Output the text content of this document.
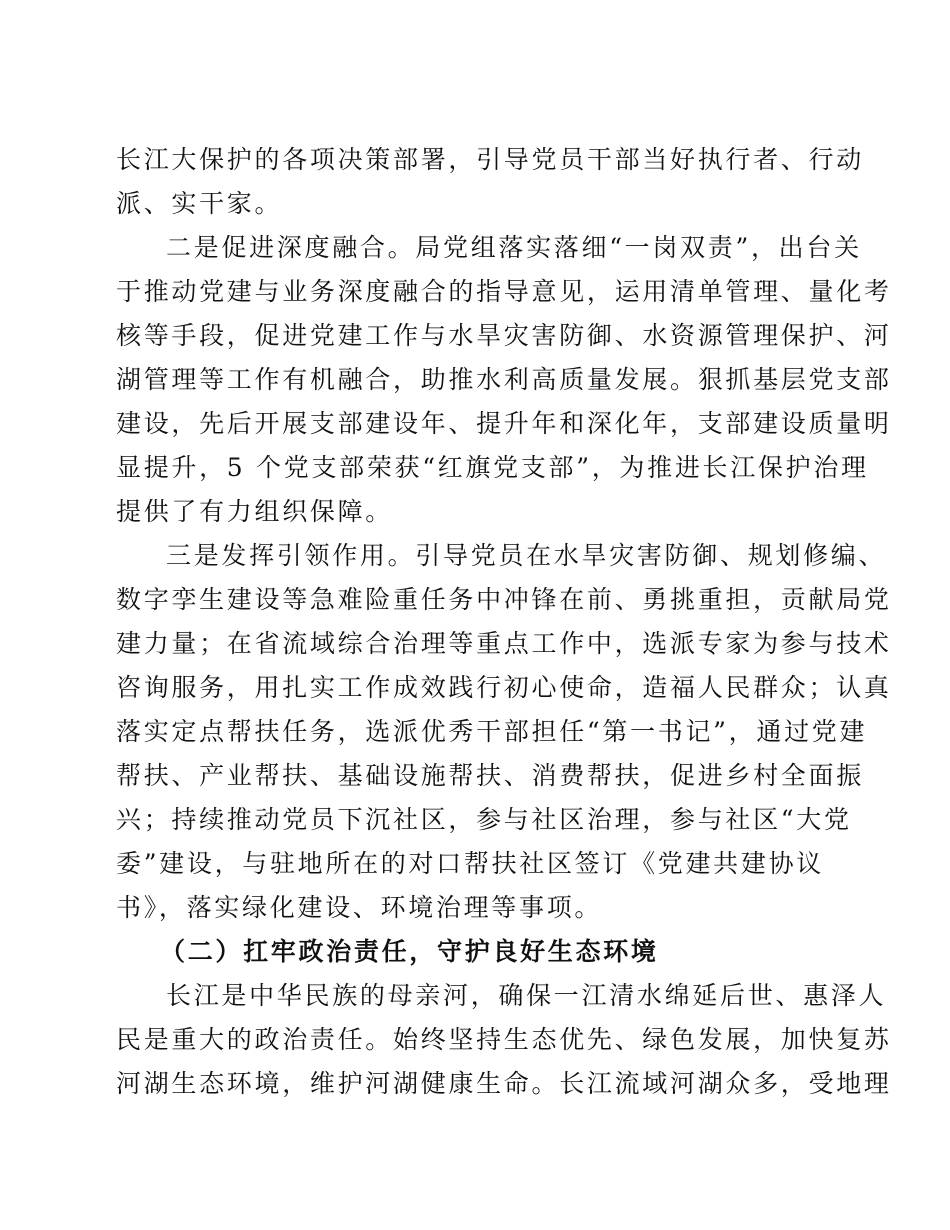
长江大保护的各项决策部署，引导党员干部当好执行者、行动
派、实干家。
二是促进深度融合。局党组落实落细“一岗双责”，出台关
于推动党建与业务深度融合的指导意见，运用清单管理、量化考
核等手段，促进党建工作与水旱灾害防御、水资源管理保护、河
湖管理等工作有机融合，助推水利高质量发展。狠抓基层党支部
建设，先后开展支部建设年、提升年和深化年，支部建设质量明
显提升，5 个党支部荣获“红旗党支部”，为推进长江保护治理
提供了有力组织保障。
三是发挥引领作用。引导党员在水旱灾害防御、规划修编、
数字孪生建设等急难险重任务中冲锋在前、勇挑重担，贡献局党
建力量；在省流域综合治理等重点工作中，选派专家为参与技术
咨询服务，用扎实工作成效践行初心使命，造福人民群众；认真
落实定点帮扶任务，选派优秀干部担任“第一书记”，通过党建
帮扶、产业帮扶、基础设施帮扶、消费帮扶，促进乡村全面振
兴；持续推动党员下沉社区，参与社区治理，参与社区“大党
委”建设，与驻地所在的对口帮扶社区签订《党建共建协议
书》，落实绿化建设、环境治理等事项。
（二）扛牢政治责任，守护良好生态环境
长江是中华民族的母亲河，确保一江清水绵延后世、惠泽人
民是重大的政治责任。始终坚持生态优先、绿色发展，加快复苏
河湖生态环境，维护河湖健康生命。长江流域河湖众多，受地理
